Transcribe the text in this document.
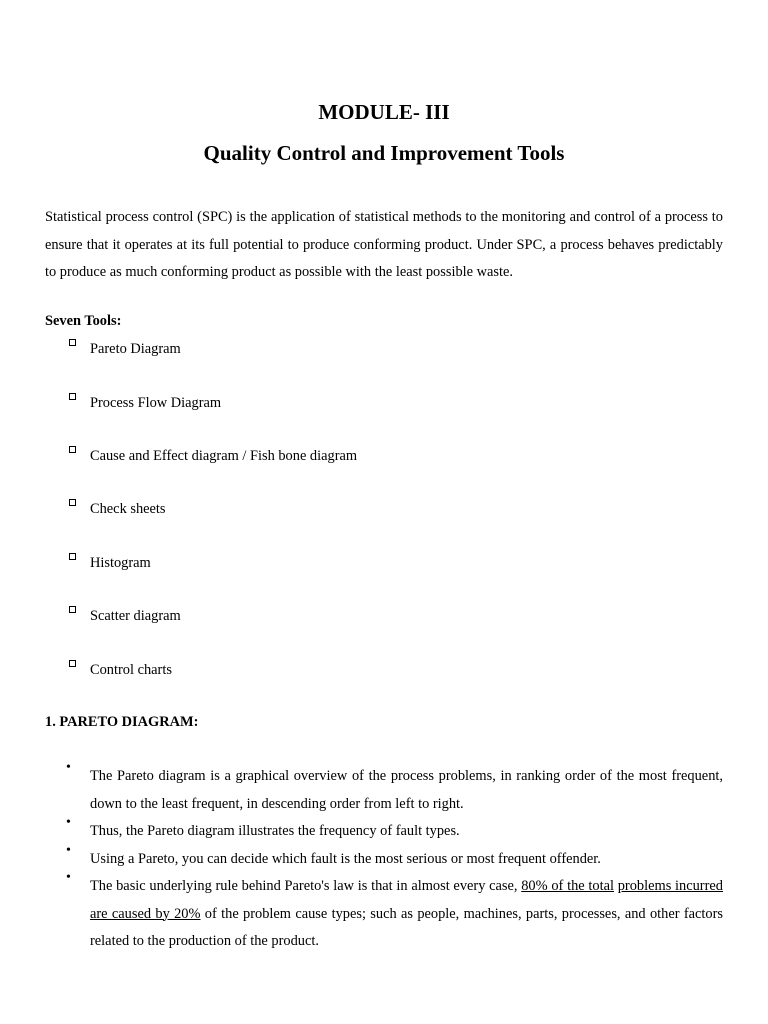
MODULE- III
Quality Control and Improvement Tools

Statistical process control (SPC) is the application of statistical methods to the monitoring and control of a process to ensure that it operates at its full potential to produce conforming product. Under SPC, a process behaves predictably to produce as much conforming product as possible with the least possible waste.

Seven Tools:

Pareto Diagram
Process Flow Diagram
Cause and Effect diagram / Fish bone diagram
Check sheets
Histogram
Scatter diagram
Control charts

1. PARETO DIAGRAM:

•
The Pareto diagram is a graphical overview of the process problems, in ranking order of the most frequent, down to the least frequent, in descending order from left to right.
•
Thus, the Pareto diagram illustrates the frequency of fault types.
•
Using a Pareto, you can decide which fault is the most serious or most frequent offender.
•
The basic underlying rule behind Pareto's law is that in almost every case, 80% of the total problems incurred are caused by 20% of the problem cause types; such as people, machines, parts, processes, and other factors related to the production of the product.
